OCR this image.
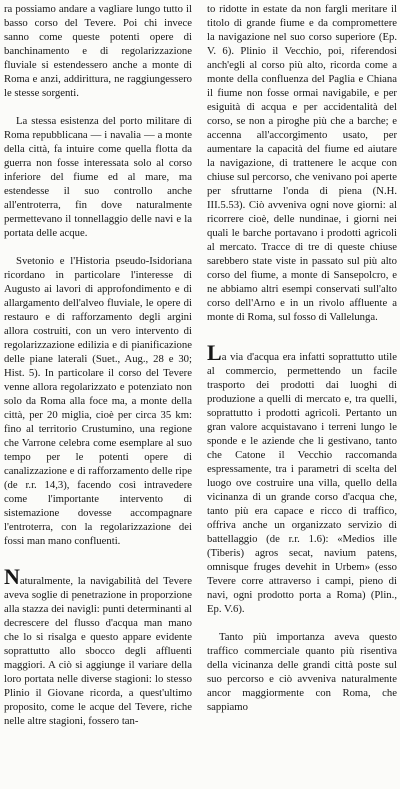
ra possiamo andare a vagliare lungo tutto il basso corso del Tevere. Poi chi invece sanno come queste potenti opere di banchinamento e di regolarizzazione fluviale si estendessero anche a monte di Roma e anzi, addirittura, ne raggiungessero le stesse sorgenti.

La stessa esistenza del porto militare di Roma repubblicana — i navalia — a monte della città, fa intuire come quella flotta da guerra non fosse interessata solo al corso inferiore del fiume ed al mare, ma estendesse il suo controllo anche all'entroterra, fin dove naturalmente permettevano il tonnellaggio delle navi e la portata delle acque.

Svetonio e l'Historia pseudo-Isidoriana ricordano in particolare l'interesse di Augusto ai lavori di approfondimento e di allargamento dell'alveo fluviale, le opere di restauro e di rafforzamento degli argini allora costruiti, con un vero intervento di regolarizzazione edilizia e di pianificazione delle piane laterali (Suet., Aug., 28 e 30; Hist. 5). In particolare il corso del Tevere venne allora regolarizzato e potenziato non solo da Roma alla foce ma, a monte della città, per 20 miglia, cioè per circa 35 km: fino al territorio Crustumino, una regione che Varrone celebra come esemplare al suo tempo per le potenti opere di canalizzazione e di rafforzamento delle ripe (de r.r. 14,3), facendo così intravedere come l'importante intervento di sistemazione dovesse accompagnare l'entroterra, con la regolarizzazione dei fossi man mano confluenti.

Naturalmente, la navigabilità del Tevere aveva soglie di penetrazione in proporzione alla stazza dei navigli: punti determinanti al decrescere del flusso d'acqua man mano che lo si risalga e questo appare evidente soprattutto allo sbocco degli affluenti maggiori. A ciò si aggiunge il variare della loro portata nelle diverse stagioni: lo stesso Plinio il Giovane ricorda, a quest'ultimo proposito, come le acque del Tevere, riche nelle altre stagioni, fossero tan-

to ridotte in estate da non fargli meritare il titolo di grande fiume e da compromettere la navigazione nel suo corso superiore (Ep. V. 6). Plinio il Vecchio, poi, riferendosi anch'egli al corso più alto, ricorda come a monte della confluenza del Paglia e Chiana il fiume non fosse ormai navigabile, e per esiguità di acqua e per accidentalità del corso, se non a piroghe più che a barche; e accenna all'accorgimento usato, per aumentare la capacità del fiume ed aiutare la navigazione, di trattenere le acque con chiuse sul percorso, che venivano poi aperte per sfruttarne l'onda di piena (N.H. III.5.53). Ciò avveniva ogni nove giorni: al ricorrere cioè, delle nundinae, i giorni nei quali le barche portavano i prodotti agricoli al mercato. Tracce di tre di queste chiuse sarebbero state viste in passato sul più alto corso del fiume, a monte di Sansepolcro, e ne abbiamo altri esempi conservati sull'alto corso dell'Arno e in un rivolo affluente a monte di Roma, sul fosso di Vallelunga.

La via d'acqua era infatti soprattutto utile al commercio, permettendo un facile trasporto dei prodotti dai luoghi di produzione a quelli di mercato e, tra quelli, soprattutto i prodotti agricoli. Pertanto un gran valore acquistavano i terreni lungo le sponde e le aziende che li gestivano, tanto che Catone il Vecchio raccomanda espressamente, tra i parametri di scelta del luogo ove costruire una villa, quello della vicinanza di un grande corso d'acqua che, tanto più era capace e ricco di traffico, offriva anche un organizzato servizio di battellaggio (de r.r. 1.6): «Medios ille (Tiberis) agros secat, navium patens, omnisque fruges devehit in Urbem» (esso Tevere corre attraverso i campi, pieno di navi, ogni prodotto porta a Roma) (Plin., Ep. V.6).

Tanto più importanza aveva questo traffico commerciale quanto più risentiva della vicinanza delle grandi città poste sul suo percorso e ciò avveniva naturalmente ancor maggiormente con Roma, che sappiamo
